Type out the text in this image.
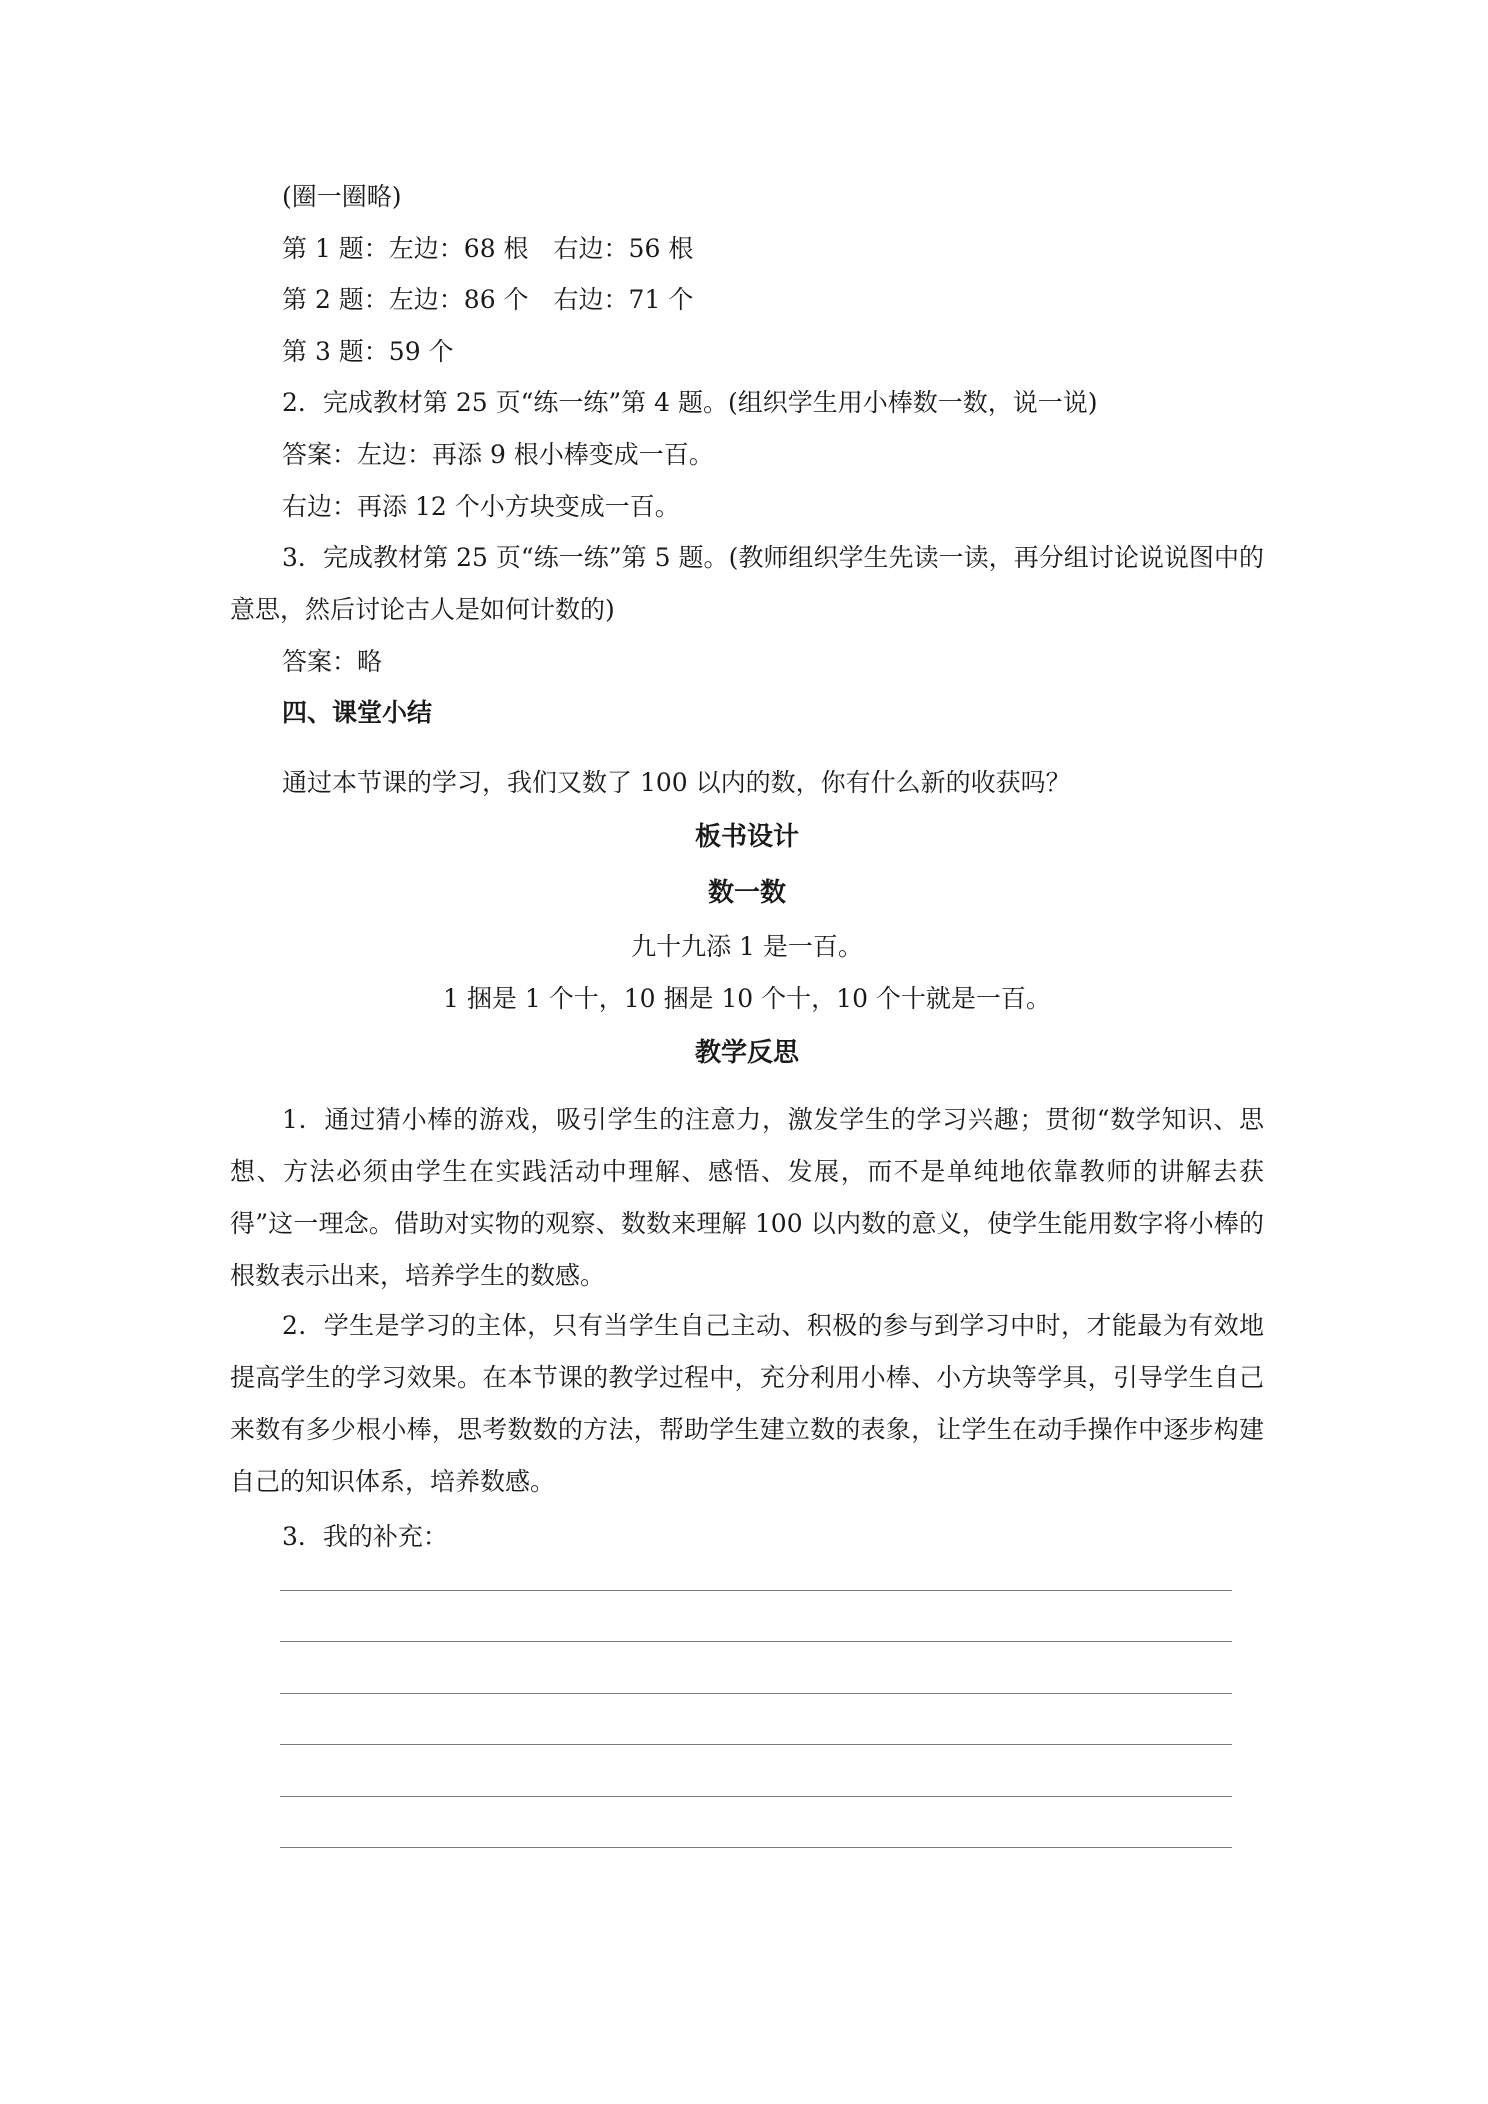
(圈一圈略)
第 1 题：左边：68 根　右边：56 根
第 2 题：左边：86 个　右边：71 个
第 3 题：59 个
2．完成教材第 25 页“练一练”第 4 题。(组织学生用小棒数一数，说一说)
答案：左边：再添 9 根小棒变成一百。
右边：再添 12 个小方块变成一百。
3．完成教材第 25 页“练一练”第 5 题。(教师组织学生先读一读，再分组讨论说说图中的意思，然后讨论古人是如何计数的)
答案：略
四、课堂小结
通过本节课的学习，我们又数了 100 以内的数，你有什么新的收获吗？
板书设计
数一数
九十九添 1 是一百。
1 捆是 1 个十，10 捆是 10 个十，10 个十就是一百。
教学反思
1．通过猜小棒的游戏，吸引学生的注意力，激发学生的学习兴趣；贯彻“数学知识、思想、方法必须由学生在实践活动中理解、感悟、发展，而不是单纯地依靠教师的讲解去获得”这一理念。借助对实物的观察、数数来理解 100 以内数的意义，使学生能用数字将小棒的根数表示出来，培养学生的数感。
2．学生是学习的主体，只有当学生自己主动、积极的参与到学习中时，才能最为有效地提高学生的学习效果。在本节课的教学过程中，充分利用小棒、小方块等学具，引导学生自己来数有多少根小棒，思考数数的方法，帮助学生建立数的表象，让学生在动手操作中逐步构建自己的知识体系，培养数感。
3．我的补充：
